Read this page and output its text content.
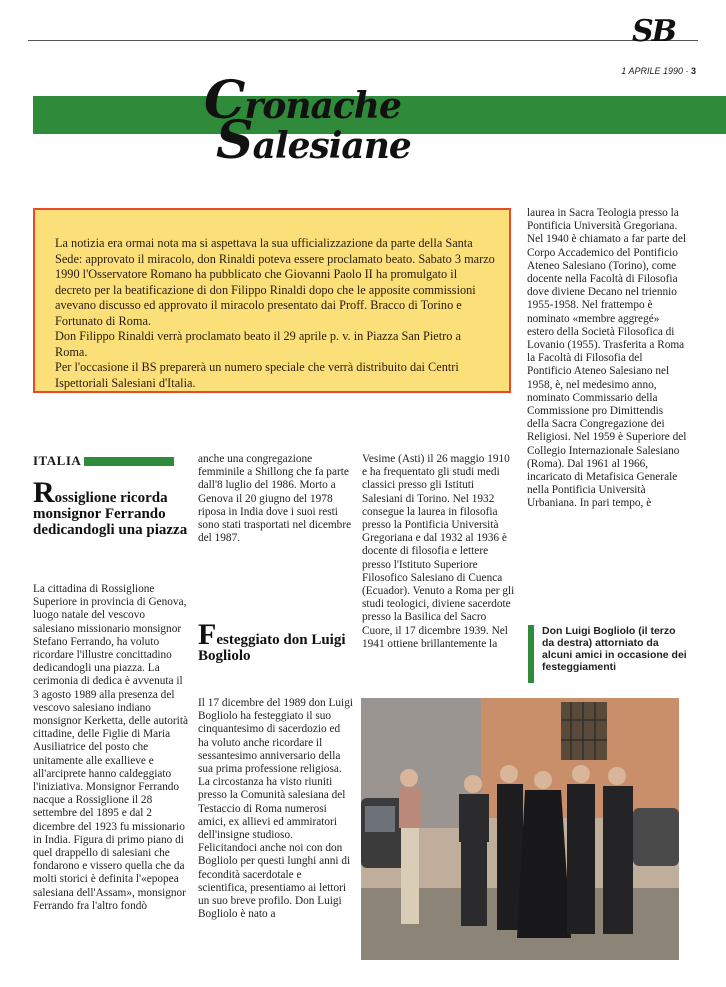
SB
1 APRILE 1990 · 3
Cronache
Salesiane

La notizia era ormai nota ma si aspettava la sua ufficializzazione da parte della Santa Sede: approvato il miracolo, don Rinaldi poteva essere proclamato beato. Sabato 3 marzo 1990 l'Osservatore Romano ha pubblicato che Giovanni Paolo II ha promulgato il decreto per la beatificazione di don Filippo Rinaldi dopo che le apposite commissioni avevano discusso ed approvato il miracolo presentato dai Proff. Bracco di Torino e Fortunato di Roma.

Don Filippo Rinaldi verrà proclamato beato il 29 aprile p. v. in Piazza San Pietro a Roma.

Per l'occasione il BS preparerà un numero speciale che verrà distribuito dai Centri Ispettoriali Salesiani d'Italia.

ITALIA
Rossiglione ricorda monsignor Ferrando dedicandogli una piazza
La cittadina di Rossiglione Superiore in provincia di Genova, luogo natale del vescovo salesiano missionario monsignor Stefano Ferrando, ha voluto ricordare l'illustre concittadino dedicandogli una piazza. La cerimonia di dedica è avvenuta il 3 agosto 1989 alla presenza del vescovo salesiano indiano monsignor Kerketta, delle autorità cittadine, delle Figlie di Maria Ausiliatrice del posto che unitamente alle exallieve e all'arciprete hanno caldeggiato l'iniziativa. Monsignor Ferrando nacque a Rossiglione il 28 settembre del 1895 e dal 2 dicembre del 1923 fu missionario in India. Figura di primo piano di quel drappello di salesiani che fondarono e vissero quella che da molti storici è definita l'«epopea salesiana dell'Assam», monsignor Ferrando fra l'altro fondò
anche una congregazione femminile a Shillong che fa parte dall'8 luglio del 1986. Morto a Genova il 20 giugno del 1978 riposa in India dove i suoi resti sono stati trasportati nel dicembre del 1987.
Festeggiato don Luigi Bogliolo
Il 17 dicembre del 1989 don Luigi Bogliolo ha festeggiato il suo cinquantesimo di sacerdozio ed ha voluto anche ricordare il sessantesimo anniversario della sua prima professione religiosa. La circostanza ha visto riuniti presso la Comunità salesiana del Testaccio di Roma numerosi amici, ex allievi ed ammiratori dell'insigne studioso. Felicitandoci anche noi con don Bogliolo per questi lunghi anni di fecondità sacerdotale e scientifica, presentiamo ai lettori un suo breve profilo. Don Luigi Bogliolo è nato a
Vesime (Asti) il 26 maggio 1910 e ha frequentato gli studi medi classici presso gli Istituti Salesiani di Torino. Nel 1932 consegue la laurea in filosofia presso la Pontificia Università Gregoriana e dal 1932 al 1936 è docente di filosofia e lettere presso l'Istituto Superiore Filosofico Salesiano di Cuenca (Ecuador). Venuto a Roma per gli studi teologici, diviene sacerdote presso la Basilica del Sacro Cuore, il 17 dicembre 1939. Nel 1941 ottiene brillantemente la
laurea in Sacra Teologia presso la Pontificia Università Gregoriana. Nel 1940 è chiamato a far parte del Corpo Accademico del Pontificio Ateneo Salesiano (Torino), come docente nella Facoltà di Filosofia dove diviene Decano nel triennio 1955-1958. Nel frattempo è nominato «membre aggregé» estero della Società Filosofica di Lovanio (1955). Trasferita a Roma la Facoltà di Filosofia del Pontificio Ateneo Salesiano nel 1958, è, nel medesimo anno, nominato Commissario della Commissione pro Dimittendis della Sacra Congregazione dei Religiosi. Nel 1959 è Superiore del Collegio Internazionale Salesiano (Roma). Dal 1961 al 1966, incaricato di Metafisica Generale nella Pontificia Università Urbaniana. In pari tempo, è
Don Luigi Bogliolo (il terzo da destra) attorniato da alcuni amici in occasione dei festeggiamenti
